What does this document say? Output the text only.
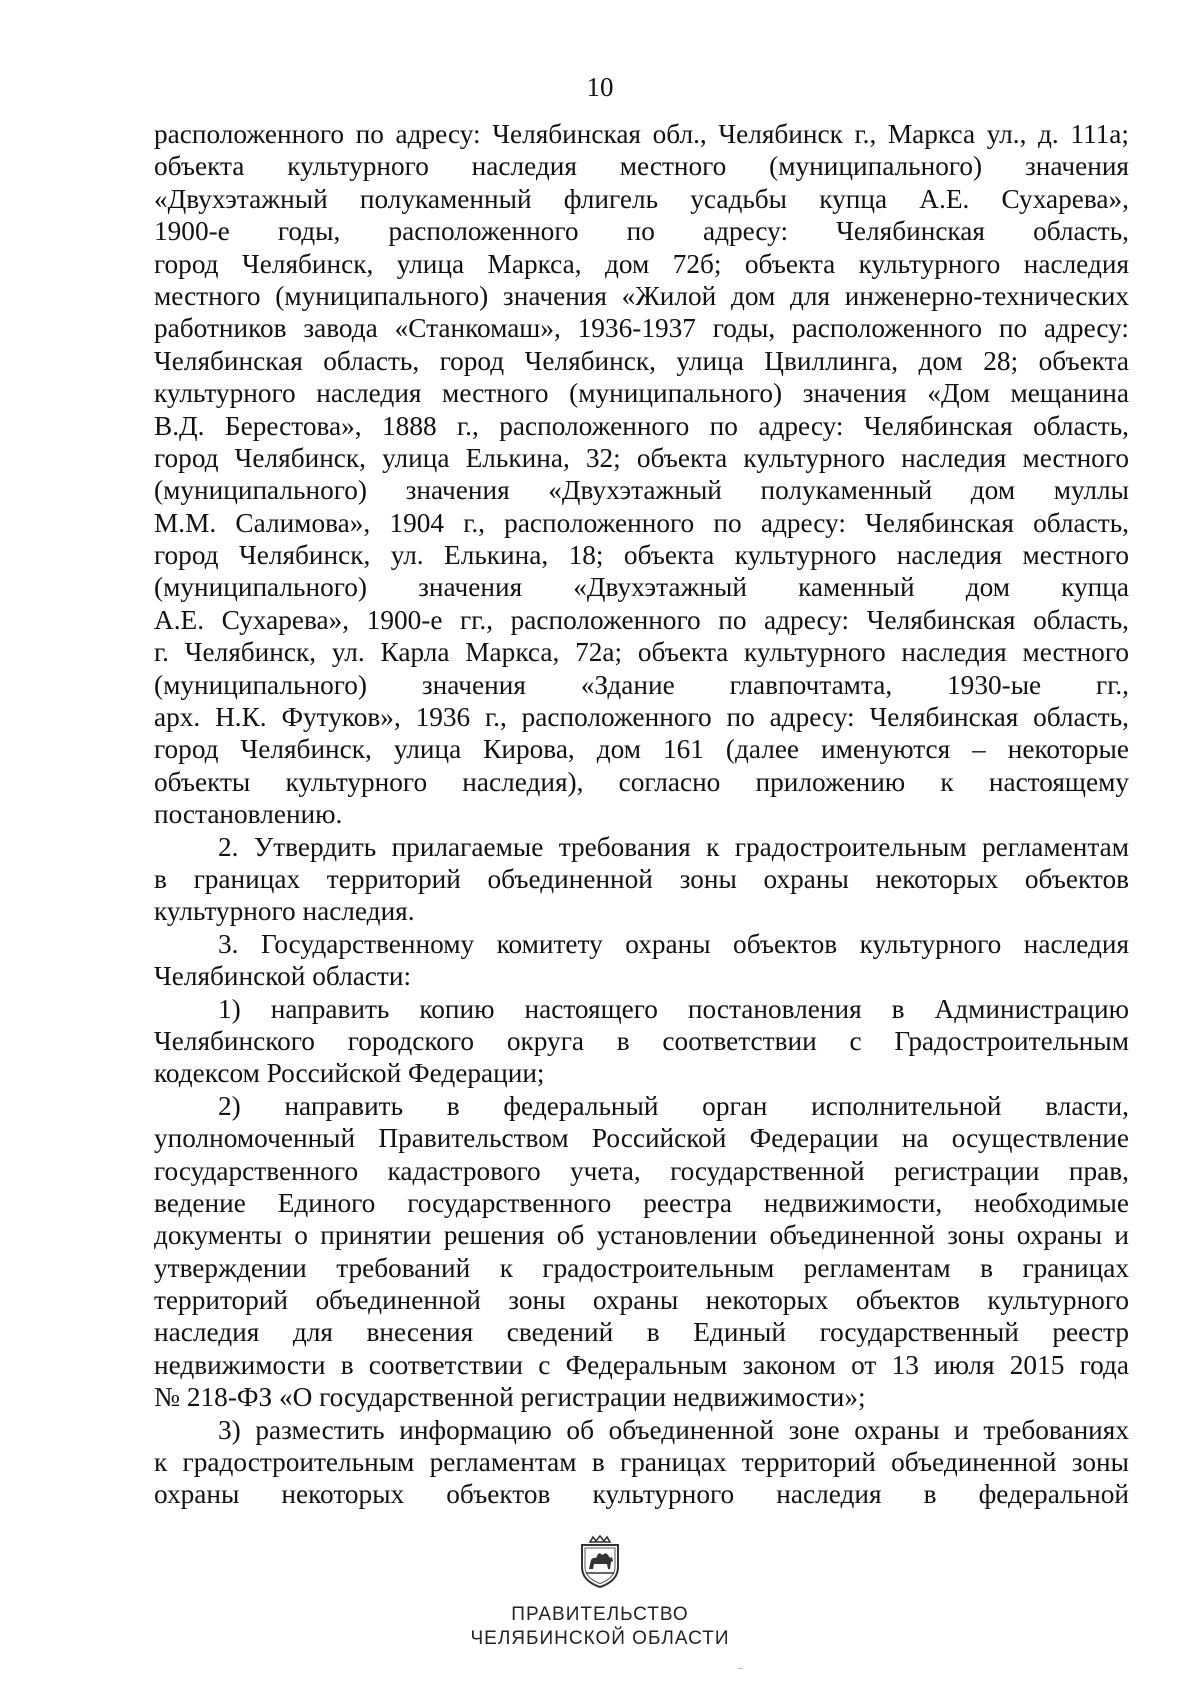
10
расположенного по адресу: Челябинская обл., Челябинск г., Маркса ул., д. 111а;
объекта культурного наследия местного (муниципального) значения
«Двухэтажный полукаменный флигель усадьбы купца А.Е. Сухарева»,
1900-е годы, расположенного по адресу: Челябинская область,
город Челябинск, улица Маркса, дом 72б; объекта культурного наследия
местного (муниципального) значения «Жилой дом для инженерно-технических
работников завода «Станкомаш», 1936-1937 годы, расположенного по адресу:
Челябинская область, город Челябинск, улица Цвиллинга, дом 28; объекта
культурного наследия местного (муниципального) значения «Дом мещанина
В.Д. Берестова», 1888 г., расположенного по адресу: Челябинская область,
город Челябинск, улица Елькина, 32; объекта культурного наследия местного
(муниципального) значения «Двухэтажный полукаменный дом муллы
М.М. Салимова», 1904 г., расположенного по адресу: Челябинская область,
город Челябинск, ул. Елькина, 18; объекта культурного наследия местного
(муниципального) значения «Двухэтажный каменный дом купца
А.Е. Сухарева», 1900-е гг., расположенного по адресу: Челябинская область,
г. Челябинск, ул. Карла Маркса, 72а; объекта культурного наследия местного
(муниципального) значения «Здание главпочтамта, 1930-ые гг.,
арх. Н.К. Футуков», 1936 г., расположенного по адресу: Челябинская область,
город Челябинск, улица Кирова, дом 161 (далее именуются – некоторые
объекты культурного наследия), согласно приложению к настоящему
постановлению.
2. Утвердить прилагаемые требования к градостроительным регламентам
в границах территорий объединенной зоны охраны некоторых объектов
культурного наследия.
3. Государственному комитету охраны объектов культурного наследия
Челябинской области:
1) направить копию настоящего постановления в Администрацию
Челябинского городского округа в соответствии с Градостроительным
кодексом Российской Федерации;
2) направить в федеральный орган исполнительной власти,
уполномоченный Правительством Российской Федерации на осуществление
государственного кадастрового учета, государственной регистрации прав,
ведение Единого государственного реестра недвижимости, необходимые
документы о принятии решения об установлении объединенной зоны охраны и
утверждении требований к градостроительным регламентам в границах
территорий объединенной зоны охраны некоторых объектов культурного
наследия для внесения сведений в Единый государственный реестр
недвижимости в соответствии с Федеральным законом от 13 июля 2015 года
№ 218-ФЗ «О государственной регистрации недвижимости»;
3) разместить информацию об объединенной зоне охраны и требованиях
к градостроительным регламентам в границах территорий объединенной зоны
охраны некоторых объектов культурного наследия в федеральной
ПРАВИТЕЛЬСТВО
ЧЕЛЯБИНСКОЙ ОБЛАСТИ
